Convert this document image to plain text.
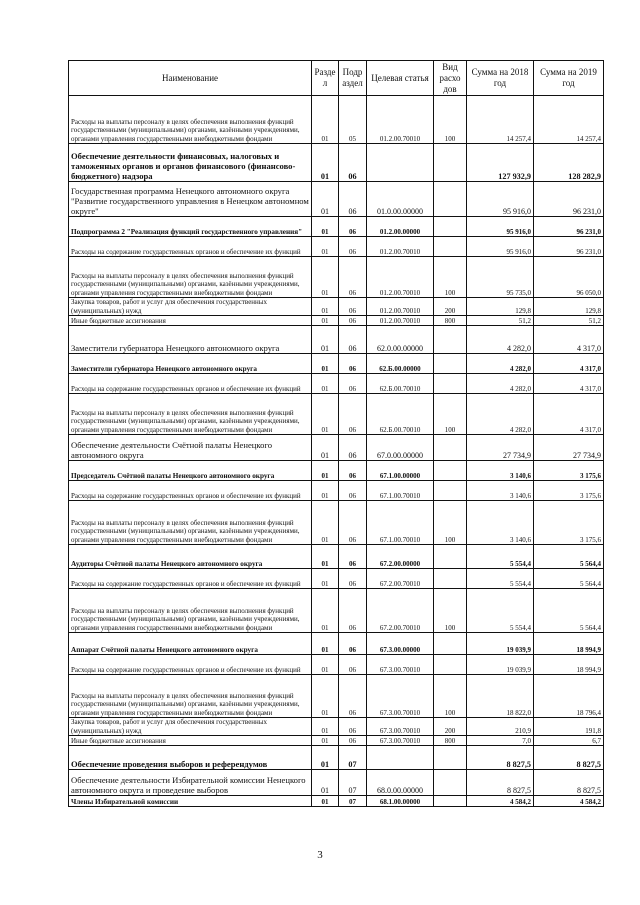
Наименование	Разде л	Подр аздел	Целевая статья	Вид расхо дов	Сумма на 2018 год	Сумма на 2019 год
Расходы на выплаты персоналу в целях обеспечения выполнения функций государственными (муниципальными) органами, казёнными учреждениями, органами управления государственными внебюджетными фондами	01	05	01.2.00.70010	100	14 257,4	14 257,4
Обеспечение деятельности финансовых, налоговых и таможенных органов и органов финансового (финансово-бюджетного) надзора	01	06			127 932,9	128 282,9
Государственная программа Ненецкого автономного округа "Развитие государственного управления в Ненецком автономном округе"	01	06	01.0.00.00000		95 916,0	96 231,0
Подпрограмма 2 "Реализация функций государственного управления"	01	06	01.2.00.00000		95 916,0	96 231,0
Расходы на содержание государственных органов и обеспечение их функций	01	06	01.2.00.70010		95 916,0	96 231,0
Расходы на выплаты персоналу в целях обеспечения выполнения функций государственными (муниципальными) органами, казёнными учреждениями, органами управления государственными внебюджетными фондами	01	06	01.2.00.70010	100	95 735,0	96 050,0
Закупка товаров, работ и услуг для обеспечения государственных (муниципальных) нужд	01	06	01.2.00.70010	200	129,8	129,8
Иные бюджетные ассигнования	01	06	01.2.00.70010	800	51,2	51,2
Заместители губернатора Ненецкого автономного округа	01	06	62.0.00.00000		4 282,0	4 317,0
Заместители губернатора Ненецкого автономного округа	01	06	62.Б.00.00000		4 282,0	4 317,0
Расходы на содержание государственных органов и обеспечение их функций	01	06	62.Б.00.70010		4 282,0	4 317,0
Расходы на выплаты персоналу в целях обеспечения выполнения функций государственными (муниципальными) органами, казёнными учреждениями, органами управления государственными внебюджетными фондами	01	06	62.Б.00.70010	100	4 282,0	4 317,0
Обеспечение деятельности Счётной палаты Ненецкого автономного округа	01	06	67.0.00.00000		27 734,9	27 734,9
Председатель Счётной палаты Ненецкого автономного округа	01	06	67.1.00.00000		3 140,6	3 175,6
Расходы на содержание государственных органов и обеспечение их функций	01	06	67.1.00.70010		3 140,6	3 175,6
Расходы на выплаты персоналу в целях обеспечения выполнения функций государственными (муниципальными) органами, казёнными учреждениями, органами управления государственными внебюджетными фондами	01	06	67.1.00.70010	100	3 140,6	3 175,6
Аудиторы Счётной палаты Ненецкого автономного округа	01	06	67.2.00.00000		5 554,4	5 564,4
Расходы на содержание государственных органов и обеспечение их функций	01	06	67.2.00.70010		5 554,4	5 564,4
Расходы на выплаты персоналу в целях обеспечения выполнения функций государственными (муниципальными) органами, казёнными учреждениями, органами управления государственными внебюджетными фондами	01	06	67.2.00.70010	100	5 554,4	5 564,4
Аппарат Счётной палаты Ненецкого автономного округа	01	06	67.3.00.00000		19 039,9	18 994,9
Расходы на содержание государственных органов и обеспечение их функций	01	06	67.3.00.70010		19 039,9	18 994,9
Расходы на выплаты персоналу в целях обеспечения выполнения функций государственными (муниципальными) органами, казёнными учреждениями, органами управления государственными внебюджетными фондами	01	06	67.3.00.70010	100	18 822,0	18 796,4
Закупка товаров, работ и услуг для обеспечения государственных (муниципальных) нужд	01	06	67.3.00.70010	200	210,9	191,8
Иные бюджетные ассигнования	01	06	67.3.00.70010	800	7,0	6,7
Обеспечение проведения выборов и референдумов	01	07			8 827,5	8 827,5
Обеспечение деятельности Избирательной комиссии Ненецкого автономного округа и проведение выборов	01	07	68.0.00.00000		8 827,5	8 827,5
Члены Избирательной комиссии	01	07	68.1.00.00000		4 584,2	4 584,2
3
